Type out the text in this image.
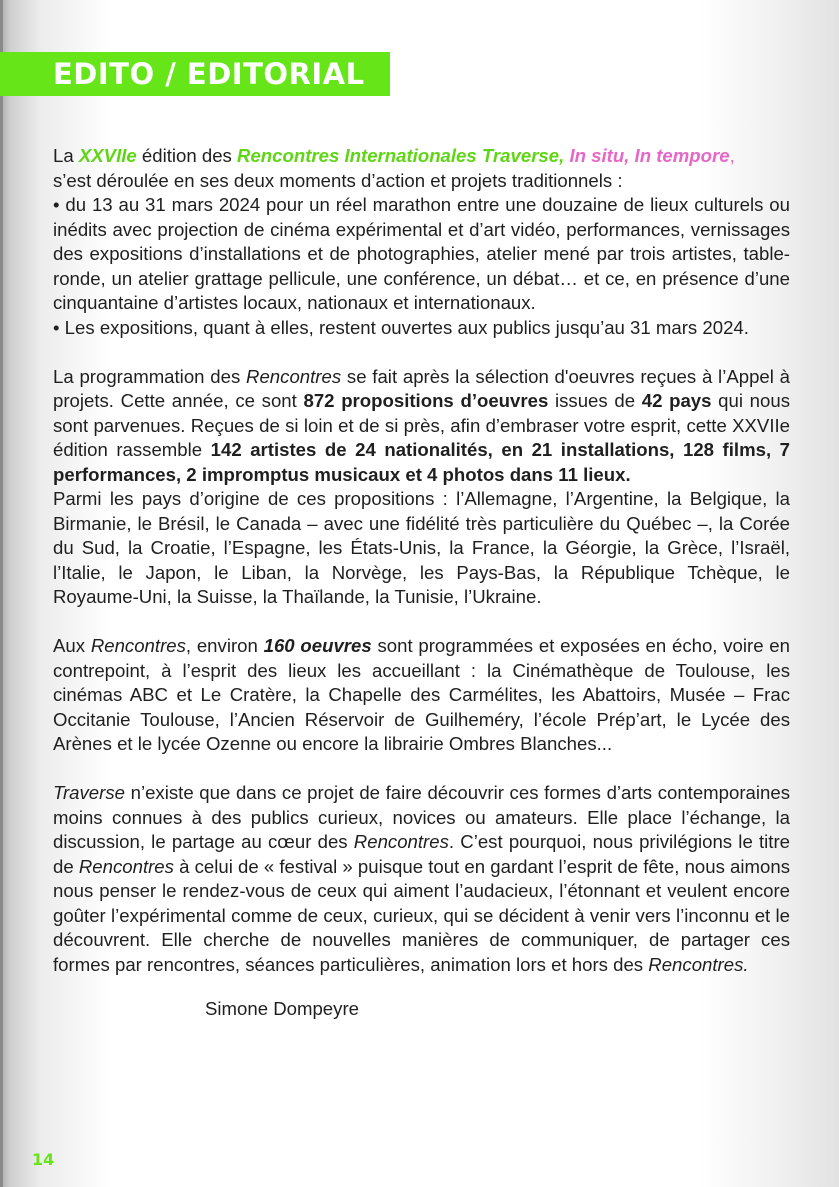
EDITO / EDITORIAL

La XXVIIe édition des Rencontres Internationales Traverse, In situ, In tempore,
s’est déroulée en ses deux moments d’action et projets traditionnels :
• du 13 au 31 mars 2024 pour un réel marathon entre une douzaine de lieux culturels ou inédits avec projection de cinéma expérimental et d’art vidéo, performances, vernissages des expositions d’installations et de photographies, atelier mené par trois artistes, table-ronde, un atelier grattage pellicule, une conférence, un débat… et ce, en présence d’une cinquantaine d’artistes locaux, nationaux et internationaux.
• Les expositions, quant à elles, restent ouvertes aux publics jusqu’au 31 mars 2024.

La programmation des Rencontres se fait après la sélection d'oeuvres reçues à l’Appel à projets. Cette année, ce sont 872 propositions d’oeuvres issues de 42 pays qui nous sont parvenues. Reçues de si loin et de si près, afin d’embraser votre esprit, cette XXVIIe édition rassemble 142 artistes de 24 nationalités, en 21 installations, 128 films, 7 performances, 2 impromptus musicaux et 4 photos dans 11 lieux.
Parmi les pays d’origine de ces propositions : l’Allemagne, l’Argentine, la Belgique, la Birmanie, le Brésil, le Canada – avec une fidélité très particulière du Québec –, la Corée du Sud, la Croatie, l’Espagne, les États-Unis, la France, la Géorgie, la Grèce, l’Israël, l’Italie, le Japon, le Liban, la Norvège, les Pays-Bas, la République Tchèque, le Royaume-Uni, la Suisse, la Thaïlande, la Tunisie, l’Ukraine.

Aux Rencontres, environ 160 oeuvres sont programmées et exposées en écho, voire en contrepoint, à l’esprit des lieux les accueillant : la Cinémathèque de Toulouse, les cinémas ABC et Le Cratère, la Chapelle des Carmélites, les Abattoirs, Musée – Frac Occitanie Toulouse, l’Ancien Réservoir de Guilheméry, l’école Prép’art, le Lycée des Arènes et le lycée Ozenne ou encore la librairie Ombres Blanches...

Traverse n’existe que dans ce projet de faire découvrir ces formes d’arts contemporaines moins connues à des publics curieux, novices ou amateurs. Elle place l’échange, la discussion, le partage au cœur des Rencontres. C’est pourquoi, nous privilégions le titre de Rencontres à celui de « festival » puisque tout en gardant l’esprit de fête, nous aimons nous penser le rendez-vous de ceux qui aiment l’audacieux, l’étonnant et veulent encore goûter l’expérimental comme de ceux, curieux, qui se décident à venir vers l’inconnu et le découvrent. Elle cherche de nouvelles manières de communiquer, de partager ces formes par rencontres, séances particulières, animation lors et hors des Rencontres.

Simone Dompeyre
14
